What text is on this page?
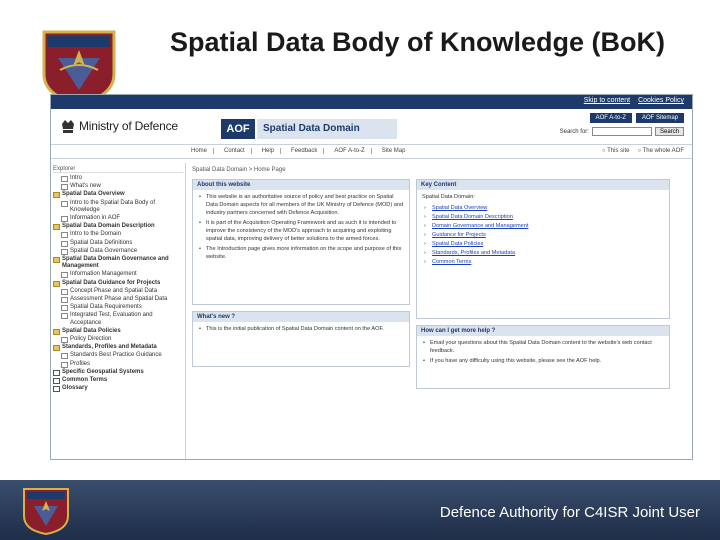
Spatial Data Body of Knowledge (BoK)
Skip to content Cookies Policy
Ministry of Defence	AOF	Spatial Data Domain
AOF A-to-Z	AOF Sitemap
Search for:	Search
Home	Contact	Help	Feedback	AOF A-to-Z	Site Map	○ This site ○ The whole AOF
Explorer
Intro
What's new
Spatial Data Overview
Intro to the Spatial Data Body of Knowledge
Information in AOF
Spatial Data Domain Description
Intro to the Domain
Spatial Data Definitions
Spatial Data Governance
Spatial Data Domain Governance and Management
Information Management
Spatial Data Guidance for Projects
Concept Phase and Spatial Data
Assessment Phase and Spatial Data
Spatial Data Requirements
Integrated Test, Evaluation and Acceptance
Spatial Data Policies
Policy Direction
Standards, Profiles and Metadata
Standards Best Practice Guidance
Profiles
Specific Geospatial Systems
Common Terms
Glossary
Spatial Data Domain > Home Page
About this website
• This website is an authoritative source of policy and best practice on Spatial Data Domain aspects for all members of the UK Ministry of Defence (MOD) and industry partners concerned with Defence Acquisition.
• It is part of the Acquisition Operating Framework and as such it is intended to improve the consistency of the MOD's approach to acquiring and exploiting spatial data, improving delivery of better solutions to the armed forces.
• The Introduction page gives more information on the scope and purpose of this website.
What's new ?
• This is the initial publication of Spatial Data Domain content on the AOF.
Key Content

Spatial Data Domain:

› Spatial Data Overview
› Spatial Data Domain Description
› Domain Governance and Management
› Guidance for Projects
› Spatial Data Policies
› Standards, Profiles and Metadata
› Common Terms
How can I get more help ?
• Email your questions about this Spatial Data Domain content to the website's web contact feedback.
• If you have any difficulty using this website, please see the AOF help.
Defence Authority for C4ISR Joint User
